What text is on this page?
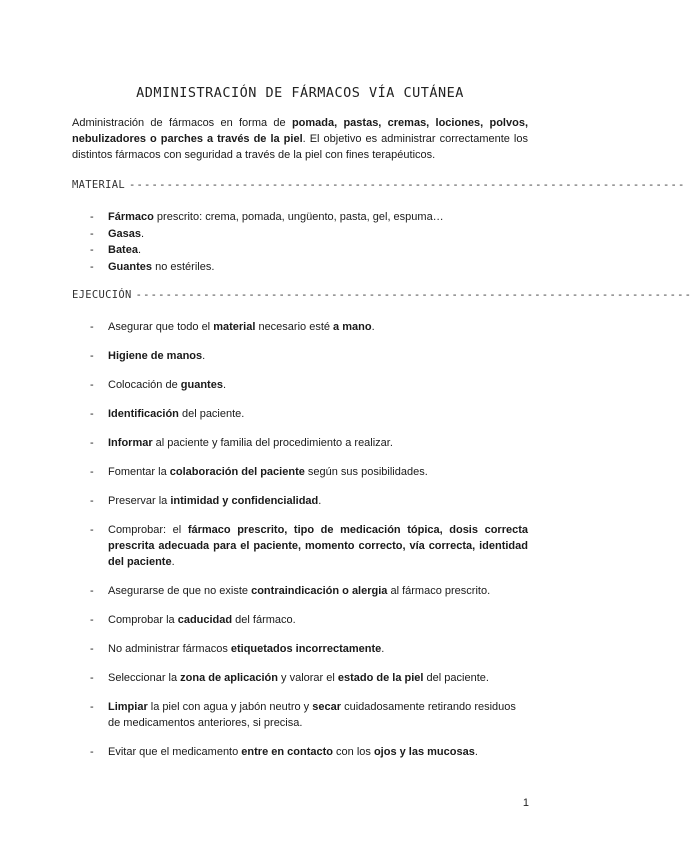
ADMINISTRACIÓN DE FÁRMACOS VÍA CUTÁNEA

Administración de fármacos en forma de pomada, pastas, cremas, lociones, polvos, nebulizadores o parches a través de la piel. El objetivo es administrar correctamente los distintos fármacos con seguridad a través de la piel con fines terapéuticos.

MATERIAL --------------------------------------------------------------------------
- Fármaco prescrito: crema, pomada, ungüento, pasta, gel, espuma…
- Gasas.
- Batea.
- Guantes no estériles.
EJECUCIÓN --------------------------------------------------------------------------
- Asegurar que todo el material necesario esté a mano.
- Higiene de manos.
- Colocación de guantes.
- Identificación del paciente.
- Informar al paciente y familia del procedimiento a realizar.
- Fomentar la colaboración del paciente según sus posibilidades.
- Preservar la intimidad y confidencialidad.
- Comprobar: el fármaco prescrito, tipo de medicación tópica, dosis correcta prescrita adecuada para el paciente, momento correcto, vía correcta, identidad del paciente.
- Asegurarse de que no existe contraindicación o alergia al fármaco prescrito.
- Comprobar la caducidad del fármaco.
- No administrar fármacos etiquetados incorrectamente.
- Seleccionar la zona de aplicación y valorar el estado de la piel del paciente.
- Limpiar la piel con agua y jabón neutro y secar cuidadosamente retirando residuos de medicamentos anteriores, si precisa.
- Evitar que el medicamento entre en contacto con los ojos y las mucosas.
1
